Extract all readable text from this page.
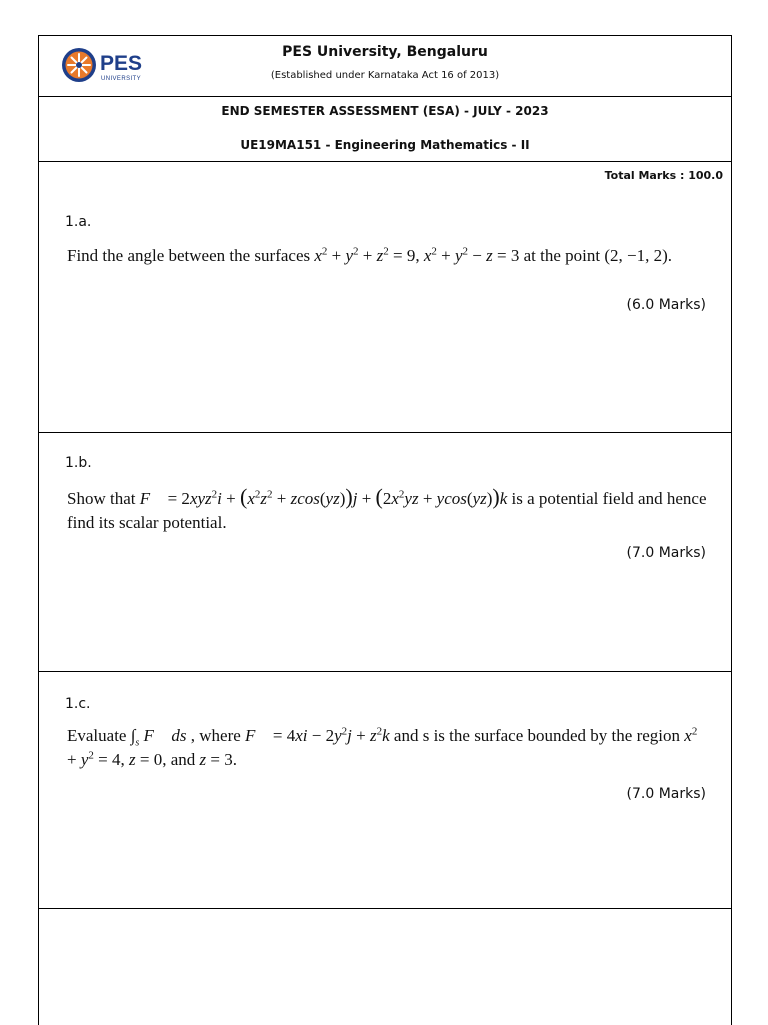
PES
UNIVERSITY
PES University, Bengaluru
(Established under Karnataka Act 16 of 2013)
END SEMESTER ASSESSMENT (ESA) - JULY - 2023
UE19MA151 - Engineering Mathematics - II
Total Marks : 100.0
1.a.
Find the angle between the surfaces $x^2 + y^2 + z^2 = 9$, $x^2 + y^2 - z = 3$ at the point (2, −1, 2).
(6.0 Marks)
1.b.
Show that F⃗ = $2xyz^2i + (x^2z^2 + zcos(yz))j + (2x^2yz + ycos(yz))k$ is a potential field and hence find its scalar potential.
(7.0 Marks)
1.c.
Evaluate $\int_s$ F⃗ ds , where F⃗ = $4xi - 2y^2j + z^2k$ and s is the surface bounded by the region $x^2 + y^2 = 4$, z = 0, and z = 3.
(7.0 Marks)
